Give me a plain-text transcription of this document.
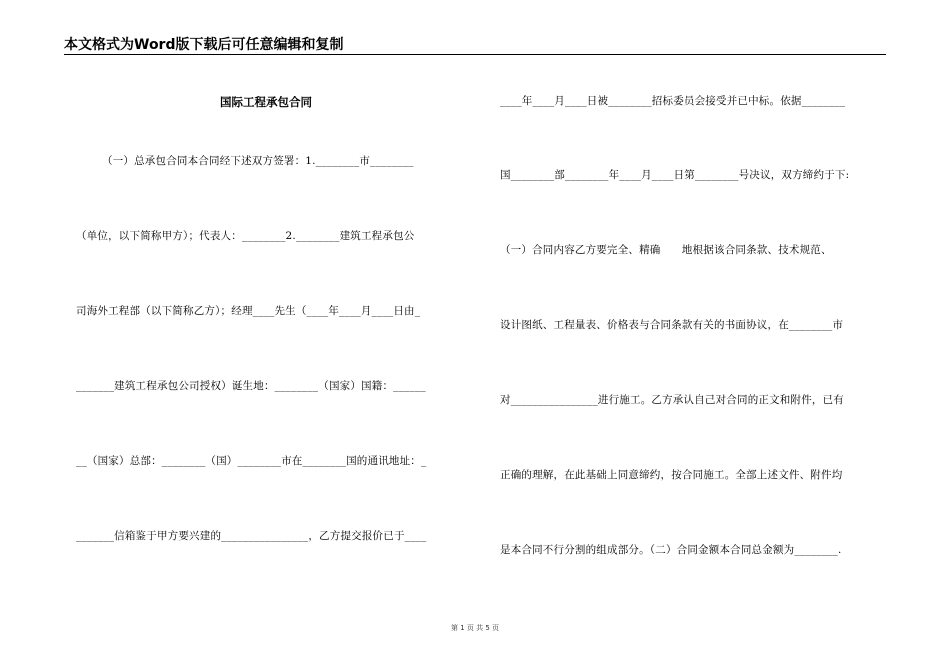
本文格式为Word版下载后可任意编辑和复制
国际工程承包合同
（一）总承包合同本合同经下述双方签署：1.________市________
（单位，以下简称甲方）；代表人：________2.________建筑工程承包公
司海外工程部（以下简称乙方）；经理____先生（____年____月____日由_
_______建筑工程承包公司授权）诞生地：________（国家）国籍：______
__（国家）总部：________（国）________市在________国的通讯地址：_
_______信箱鉴于甲方要兴建的________________，乙方提交报价已于____
____年____月____日被________招标委员会接受并已中标。依据________
国________部________年____月____日第________号决议，双方缔约于下:
（一）合同内容乙方要完全、精确　　地根据该合同条款、技术规范、
设计图纸、工程量表、价格表与合同条款有关的书面协议，在________市
对________________进行施工。乙方承认自己对合同的正文和附件，已有
正确的理解，在此基础上同意缔约，按合同施工。全部上述文件、附件均
是本合同不行分割的组成部分。（二）合同金额本合同总金额为________.
第 1 页 共 5 页
